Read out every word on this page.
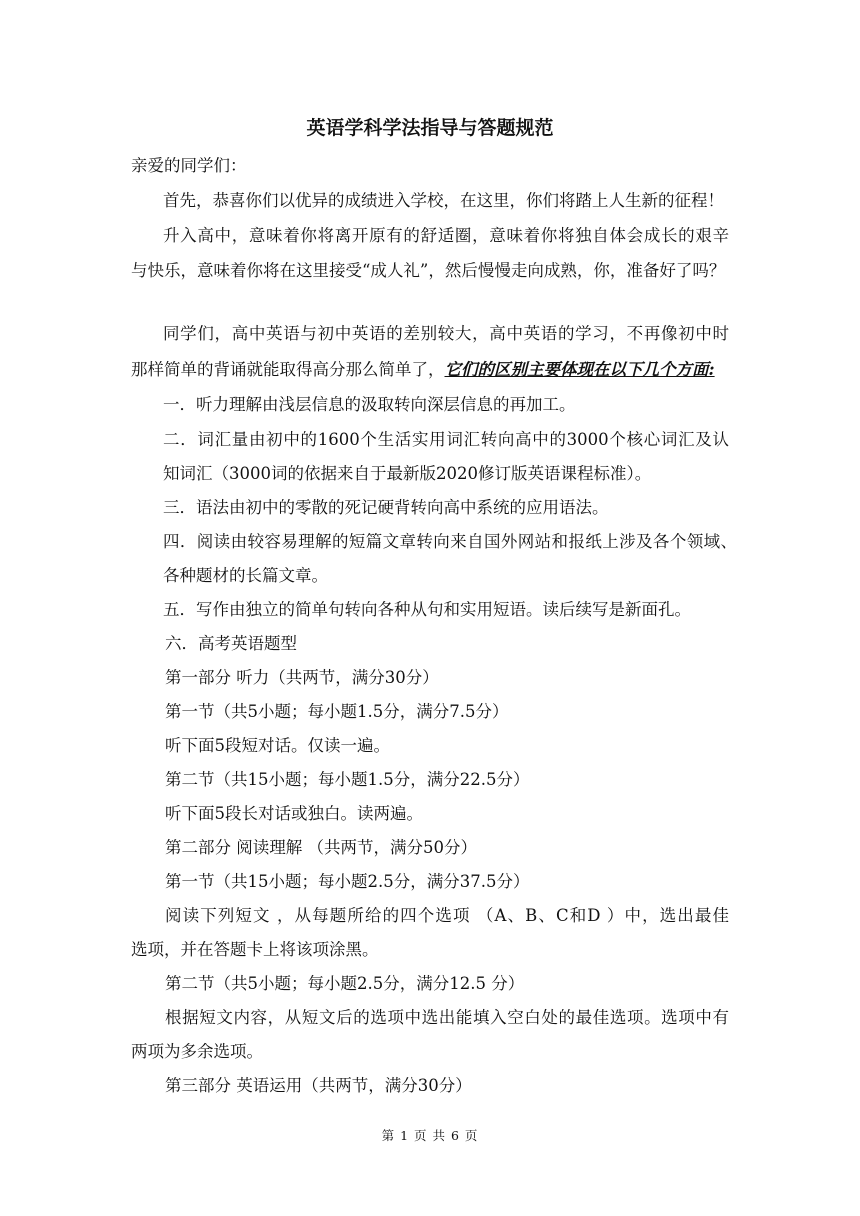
英语学科学法指导与答题规范
亲爱的同学们：
首先，恭喜你们以优异的成绩进入学校，在这里，你们将踏上人生新的征程！
升入高中，意味着你将离开原有的舒适圈，意味着你将独自体会成长的艰辛
与快乐，意味着你将在这里接受“成人礼”，然后慢慢走向成熟，你，准备好了吗？
同学们，高中英语与初中英语的差别较大，高中英语的学习，不再像初中时
那样简单的背诵就能取得高分那么简单了，它们的区别主要体现在以下几个方面:
一．听力理解由浅层信息的汲取转向深层信息的再加工。
二．词汇量由初中的1600个生活实用词汇转向高中的3000个核心词汇及认
知词汇（3000词的依据来自于最新版2020修订版英语课程标准）。
三．语法由初中的零散的死记硬背转向高中系统的应用语法。
四．阅读由较容易理解的短篇文章转向来自国外网站和报纸上涉及各个领域、
各种题材的长篇文章。
五．写作由独立的简单句转向各种从句和实用短语。读后续写是新面孔。
六．高考英语题型
第一部分 听力（共两节，满分30分）
第一节（共5小题；每小题1.5分，满分7.5分）
听下面5段短对话。仅读一遍。
第二节（共15小题；每小题1.5分，满分22.5分）
听下面5段长对话或独白。读两遍。
第二部分 阅读理解 （共两节，满分50分）
第一节（共15小题；每小题2.5分，满分37.5分）
阅读下列短文 ，从每题所给的四个选项 （A、B、C和D ）中，选出最佳
选项，并在答题卡上将该项涂黑。
第二节（共5小题；每小题2.5分，满分12.5 分）
根据短文内容，从短文后的选项中选出能填入空白处的最佳选项。选项中有
两项为多余选项。
第三部分 英语运用（共两节，满分30分）
第 1 页 共 6 页
